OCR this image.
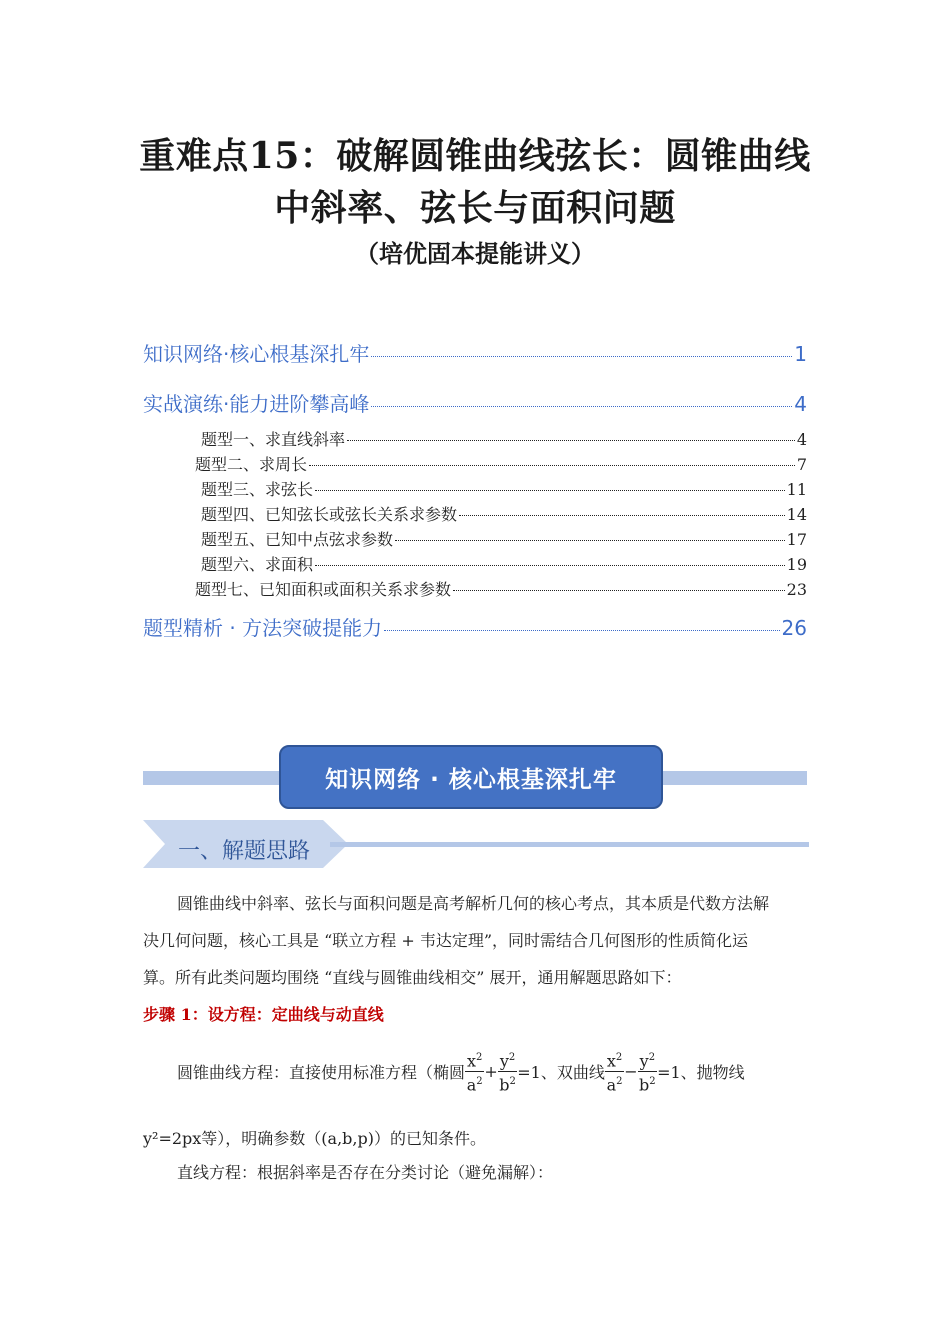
重难点15：破解圆锥曲线弦长：圆锥曲线
中斜率、弦长与面积问题
（培优固本提能讲义）
知识网络·核心根基深扎牢	1
实战演练·能力进阶攀高峰	4
题型一、求直线斜率	4
题型二、求周长	7
题型三、求弦长	11
题型四、已知弦长或弦长关系求参数	14
题型五、已知中点弦求参数	17
题型六、求面积	19
题型七、已知面积或面积关系求参数	23
题型精析 · 方法突破提能力	26
知识网络 · 核心根基深扎牢
一、解题思路
圆锥曲线中斜率、弦长与面积问题是高考解析几何的核心考点，其本质是代数方法解
决几何问题，核心工具是 “联立方程 + 韦达定理”，同时需结合几何图形的性质简化运
算。所有此类问题均围绕 “直线与圆锥曲线相交” 展开，通用解题思路如下：
步骤 1：设方程：定曲线与动直线
圆锥曲线方程：直接使用标准方程（椭圆 $\frac{x^2}{a^2} + \frac{y^2}{b^2} =1$、双曲线 $\frac{x^2}{a^2} - \frac{y^2}{b^2} =1$、抛物线
y²=2px等），明确参数（(a,b,p)）的已知条件。
直线方程：根据斜率是否存在分类讨论（避免漏解）：
